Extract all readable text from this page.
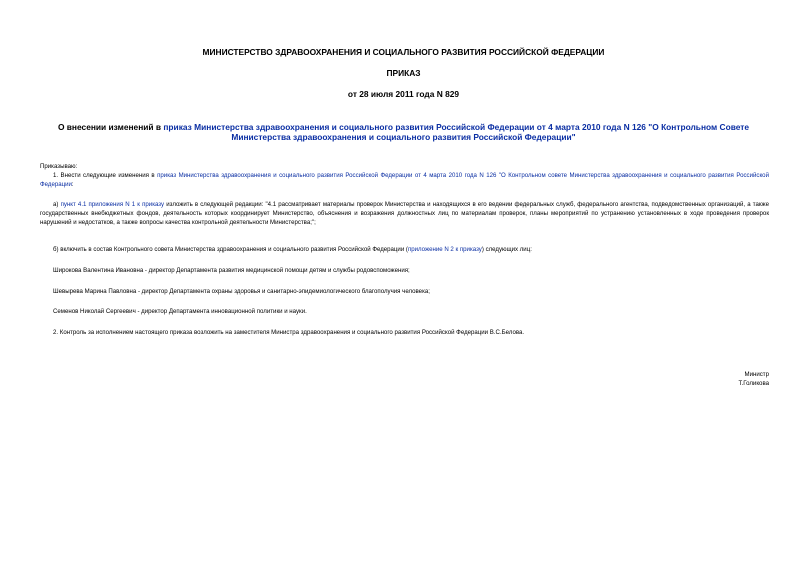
МИНИСТЕРСТВО ЗДРАВООХРАНЕНИЯ И СОЦИАЛЬНОГО РАЗВИТИЯ РОССИЙСКОЙ ФЕДЕРАЦИИ
ПРИКАЗ
от 28 июля 2011 года N 829
О внесении изменений в приказ Министерства здравоохранения и социального развития Российской Федерации от 4 марта 2010 года N 126 "О Контрольном Совете Министерства здравоохранения и социального развития Российской Федерации"
Приказываю:
1. Внести следующие изменения в приказ Министерства здравоохранения и социального развития Российской Федерации от 4 марта 2010 года N 126 "О Контрольном совете Министерства здравоохранения и социального развития Российской Федерации:
а) пункт 4.1 приложения N 1 к приказу изложить в следующей редакции: "4.1 рассматривает материалы проверок Министерства и находящихся в его ведении федеральных служб, федерального агентства, подведомственных организаций, а также государственных внебюджетных фондов, деятельность которых координирует Министерство, объяснения и возражения должностных лиц по материалам проверок, планы мероприятий по устранению установленных в ходе проведения проверок нарушений и недостатков, а также вопросы качества контрольной деятельности Министерства;";
б) включить в состав Контрольного совета Министерства здравоохранения и социального развития Российской Федерации (приложение N 2 к приказу) следующих лиц:
Широкова Валентина Ивановна - директор Департамента развития медицинской помощи детям и службы родовспоможения;
Шевырева Марина Павловна - директор Департамента охраны здоровья и санитарно-эпидемиологического благополучия человека;
Семенов Николай Сергеевич - директор Департамента инновационной политики и науки.
2. Контроль за исполнением настоящего приказа возложить на заместителя Министра здравоохранения и социального развития Российской Федерации В.С.Белова.
Министр
Т.Голикова
